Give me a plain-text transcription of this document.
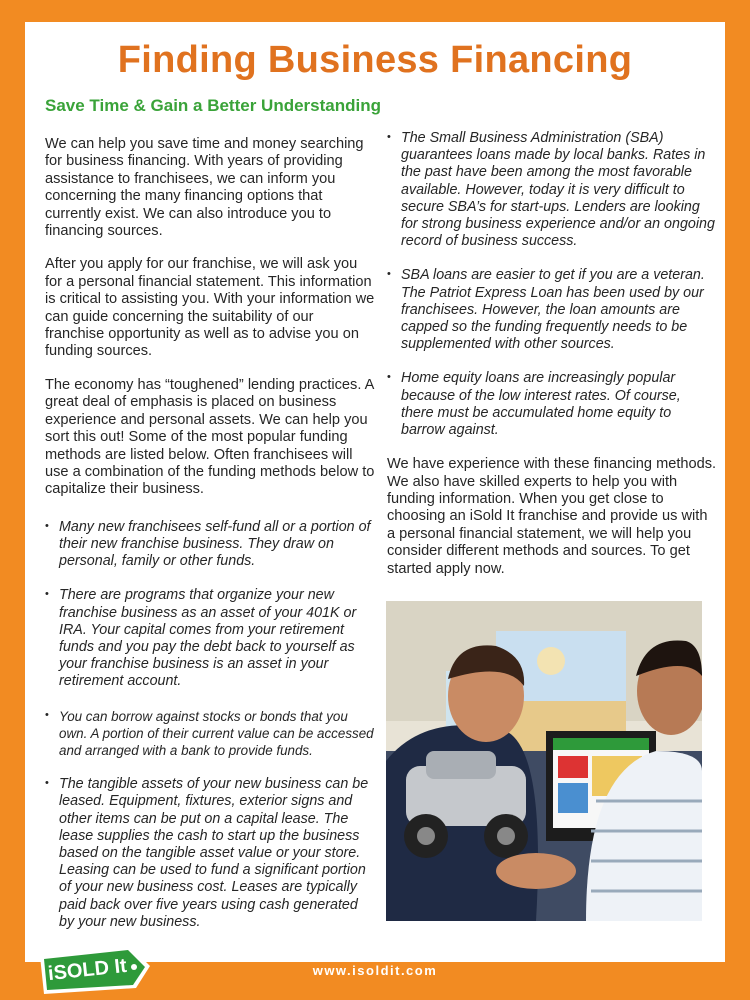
Finding Business Financing
Save Time & Gain a Better Understanding

We can help you save time and money searching for business financing. With years of providing assistance to franchisees, we can inform you concerning the many financing options that currently exist. We can also introduce you to financing sources.

After you apply for our franchise, we will ask you for a personal financial statement. This information is critical to assisting you. With your information we can guide concerning the suitability of our franchise opportunity as well as to advise you on funding sources.

The economy has “toughened” lending practices. A great deal of emphasis is placed on business experience and personal assets. We can help you sort this out! Some of the most popular funding methods are listed below. Often franchisees will use a combination of the funding methods below to capitalize their business.

• Many new franchisees self-fund all or a portion of their new franchise business. They draw on personal, family or other funds.
• There are programs that organize your new franchise business as an asset of your 401K or IRA. Your capital comes from your retirement funds and you pay the debt back to yourself as your franchise business is an asset in your retirement account.
• You can borrow against stocks or bonds that you own. A portion of their current value can be accessed and arranged with a bank to provide funds.
• The tangible assets of your new business can be leased. Equipment, fixtures, exterior signs and other items can be put on a capital lease. The lease supplies the cash to start up the business based on the tangible asset value or your store. Leasing can be used to fund a significant portion of your new business cost. Leases are typically paid back over five years using cash generated by your new business.
• The Small Business Administration (SBA) guarantees loans made by local banks. Rates in the past have been among the most favorable available. However, today it is very difficult to secure SBA’s for start-ups. Lenders are looking for strong business experience and/or an ongoing record of business success.
• SBA loans are easier to get if you are a veteran. The Patriot Express Loan has been used by our franchisees. However, the loan amounts are capped so the funding frequently needs to be supplemented with other sources.
• Home equity loans are increasingly popular because of the low interest rates. Of course, there must be accumulated home equity to barrow against.

We have experience with these financing methods. We also have skilled experts to help you with funding information. When you get close to choosing an iSold It franchise and provide us with a personal financial statement, we will help you consider different methods and sources. To get started apply now.

www.isoldit.com
iSOLD It
